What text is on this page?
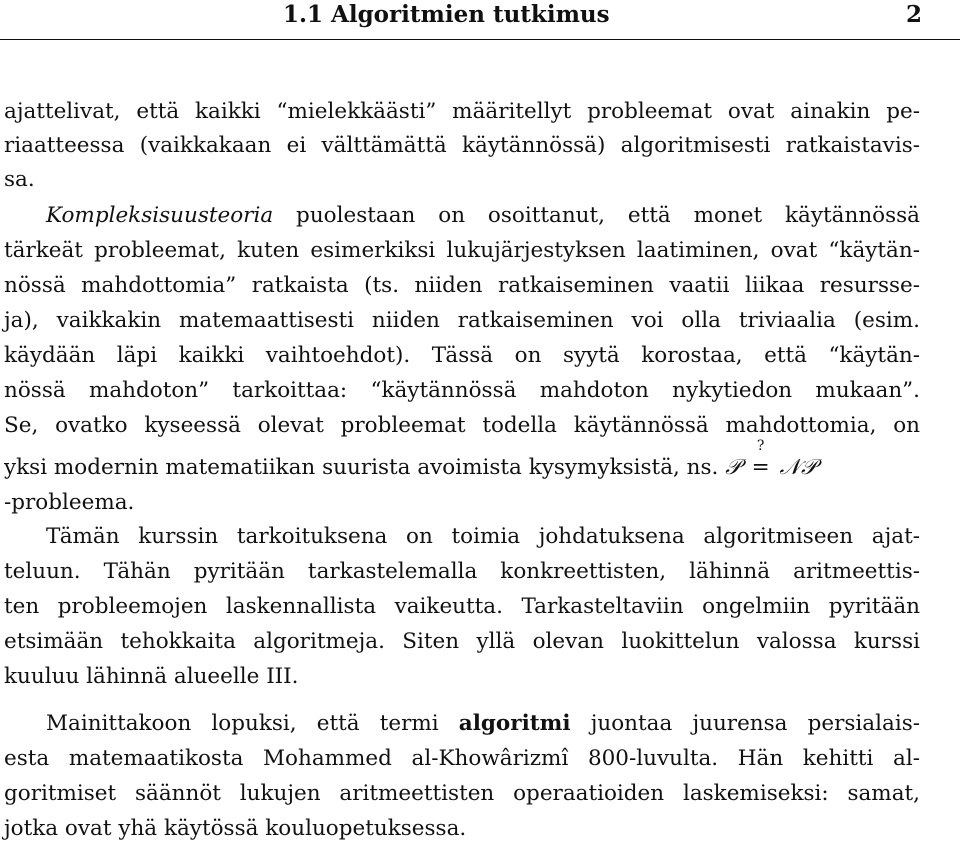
1.1 Algoritmien tutkimus	2
ajattelivat, että kaikki “mielekkäästi” määritellyt probleemat ovat ainakin pe-
riaatteessa (vaikkakaan ei välttämättä käytännössä) algoritmisesti ratkaistavis-
sa.
Kompleksisuusteoria puolestaan on osoittanut, että monet käytännössä
tärkeät probleemat, kuten esimerkiksi lukujärjestyksen laatiminen, ovat “käytän-
nössä mahdottomia” ratkaista (ts. niiden ratkaiseminen vaatii liikaa resursse-
ja), vaikkakin matemaattisesti niiden ratkaiseminen voi olla triviaalia (esim.
käydään läpi kaikki vaihtoehdot). Tässä on syytä korostaa, että “käytän-
nössä mahdoton” tarkoittaa: “käytännössä mahdoton nykytiedon mukaan”.
Se, ovatko kyseessä olevat probleemat todella käytännössä mahdottomia, on
yksi modernin matematiikan suurista avoimista kysymyksistä, ns. 𝒫
?
= 𝒩𝒫
-probleema.
Tämän kurssin tarkoituksena on toimia johdatuksena algoritmiseen ajat-
teluun. Tähän pyritään tarkastelemalla konkreettisten, lähinnä aritmeettis-
ten probleemojen laskennallista vaikeutta. Tarkasteltaviin ongelmiin pyritään
etsimään tehokkaita algoritmeja. Siten yllä olevan luokittelun valossa kurssi
kuuluu lähinnä alueelle III.
Mainittakoon lopuksi, että termi algoritmi juontaa juurensa persialais-
esta matemaatikosta Mohammed al-Khowârizmî 800-luvulta. Hän kehitti al-
goritmiset säännöt lukujen aritmeettisten operaatioiden laskemiseksi: samat,
jotka ovat yhä käytössä kouluopetuksessa.
